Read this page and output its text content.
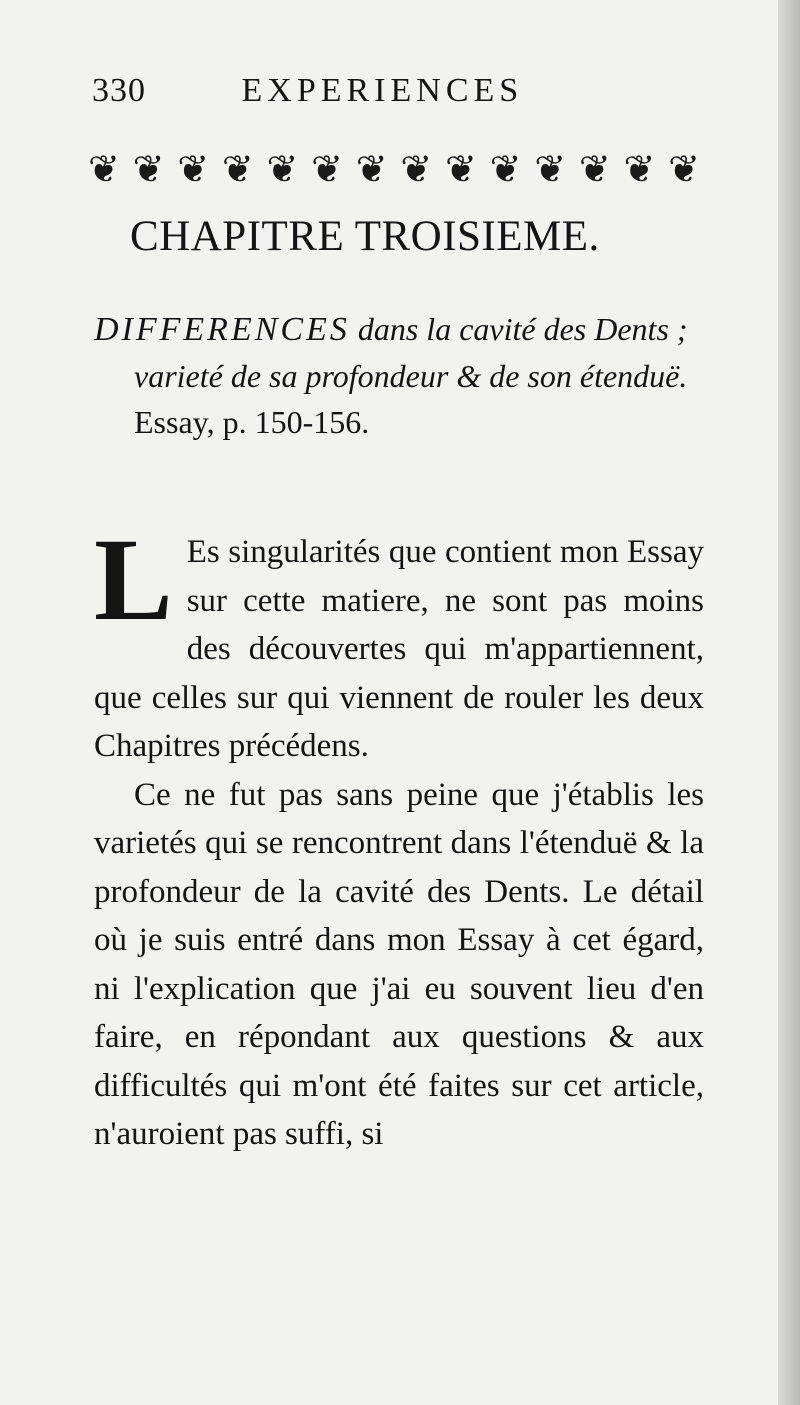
330	EXPERIENCES
❦ ❦ ❦ ❦ ❦ ❦ ❦ ❦ ❦ ❦ ❦ ❦ ❦ ❦
CHAPITRE TROISIEME.

DIFFERENCES dans la cavité des Dents ; varieté de sa profondeur & de son étenduë. Essay, p. 150-156.

L Es singularités que contient mon Essay sur cette matiere, ne sont pas moins des découvertes qui m'appartiennent, que celles sur qui viennent de rouler les deux Chapitres précédens.

Ce ne fut pas sans peine que j'établis les varietés qui se rencontrent dans l'étenduë & la profondeur de la cavité des Dents. Le détail où je suis entré dans mon Essay à cet égard, ni l'explication que j'ai eu souvent lieu d'en faire, en répondant aux questions & aux difficultés qui m'ont été faites sur cet article, n'auroient pas suffi, si
